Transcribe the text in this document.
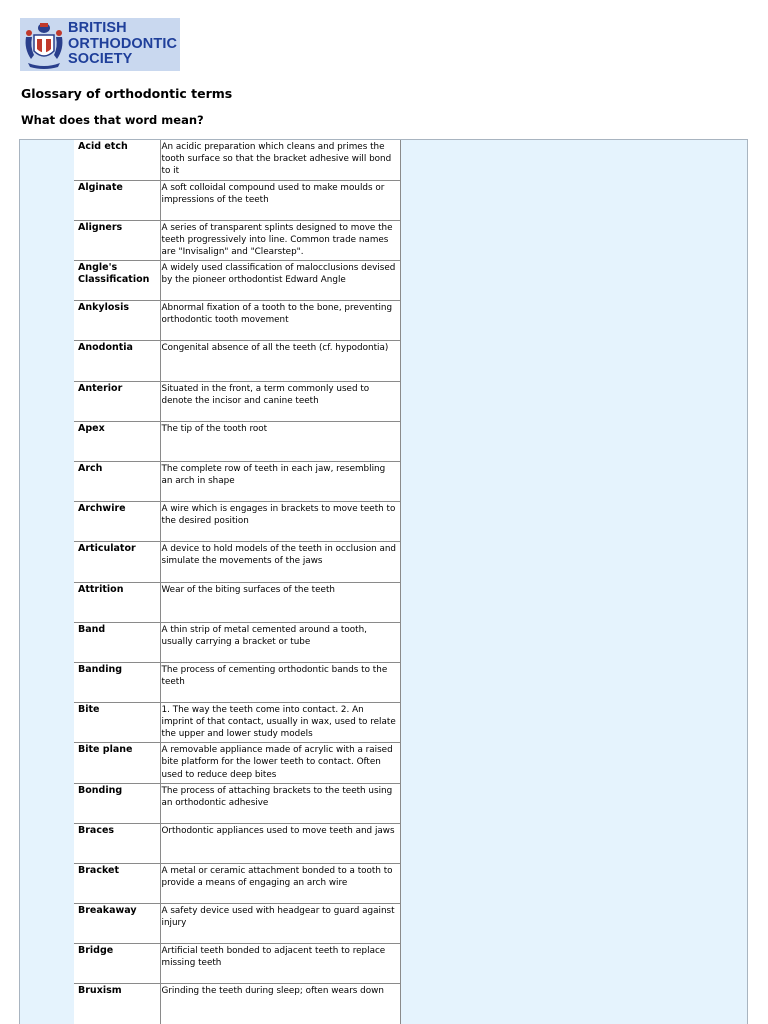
BRITISH
ORTHODONTIC
SOCIETY
Glossary of orthodontic terms
What does that word mean?
Acid etch	An acidic preparation which cleans and primes the tooth surface so that the bracket adhesive will bond to it
Alginate	A soft colloidal compound used to make moulds or impressions of the teeth
Aligners	A series of transparent splints designed to move the teeth progressively into line. Common trade names are "Invisalign" and "Clearstep".
Angle's Classification	A widely used classification of malocclusions devised by the pioneer orthodontist Edward Angle
Ankylosis	Abnormal fixation of a tooth to the bone, preventing orthodontic tooth movement
Anodontia	Congenital absence of all the teeth (cf. hypodontia)
Anterior	Situated in the front, a term commonly used to denote the incisor and canine teeth
Apex	The tip of the tooth root
Arch	The complete row of teeth in each jaw, resembling an arch in shape
Archwire	A wire which is engages in brackets to move teeth to the desired position
Articulator	A device to hold models of the teeth in occlusion and simulate the movements of the jaws
Attrition	Wear of the biting surfaces of the teeth
Band	A thin strip of metal cemented around a tooth, usually carrying a bracket or tube
Banding	The process of cementing orthodontic bands to the teeth
Bite	1. The way the teeth come into contact. 2. An imprint of that contact, usually in wax, used to relate the upper and lower study models
Bite plane	A removable appliance made of acrylic with a raised bite platform for the lower teeth to contact. Often used to reduce deep bites
Bonding	The process of attaching brackets to the teeth using an orthodontic adhesive
Braces	Orthodontic appliances used to move teeth and jaws
Bracket	A metal or ceramic attachment bonded to a tooth to provide a means of engaging an arch wire
Breakaway	A safety device used with headgear to guard against injury
Bridge	Artificial teeth bonded to adjacent teeth to replace missing teeth
Bruxism	Grinding the teeth during sleep; often wears down
